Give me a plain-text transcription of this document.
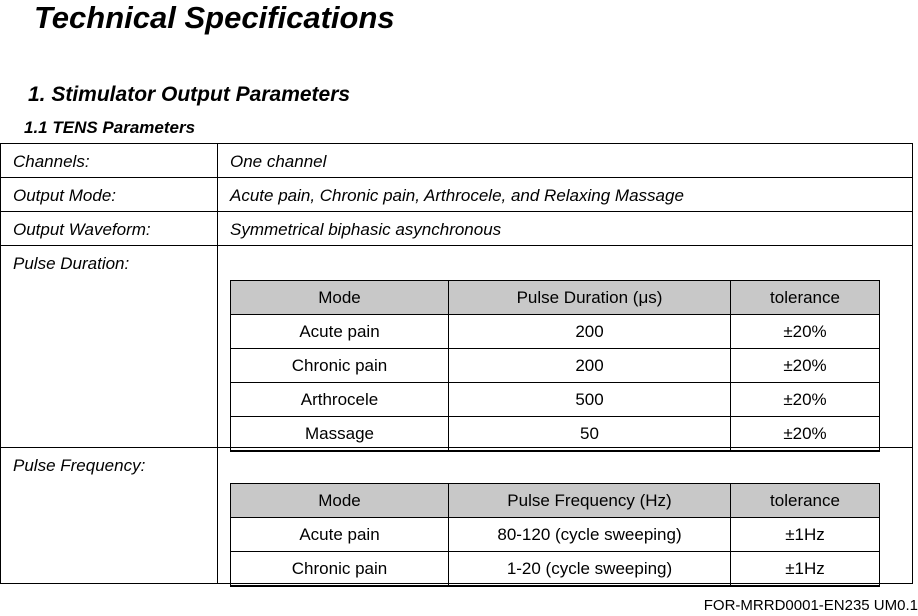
Technical Specifications
1. Stimulator Output Parameters
1.1 TENS Parameters
Channels:	One channel
Output Mode:	Acute pain, Chronic pain, Arthrocele, and Relaxing Massage
Output Waveform:	Symmetrical biphasic asynchronous
Pulse Duration:	
Mode	Pulse Duration (μs)	tolerance
Acute pain	200	±20%
Chronic pain	200	±20%
Arthrocele	500	±20%
Massage	50	±20%

Pulse Frequency:	
Mode	Pulse Frequency (Hz)	tolerance
Acute pain	80-120 (cycle sweeping)	±1Hz
Chronic pain	1-20 (cycle sweeping)	±1Hz
FOR-MRRD0001-EN235 UM0.1
